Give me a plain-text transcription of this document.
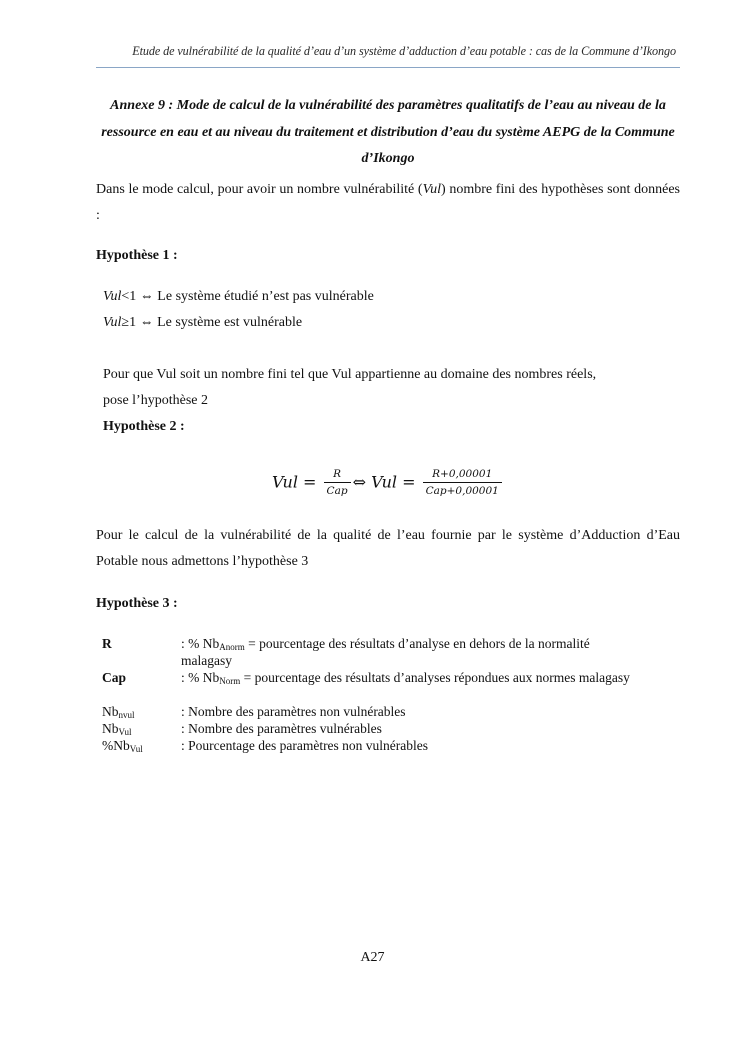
Etude de vulnérabilité de la qualité d’eau d’un système d’adduction d’eau potable : cas de la Commune d’Ikongo
Annexe 9 : Mode de calcul de la vulnérabilité des paramètres qualitatifs de l’eau au niveau de la ressource en eau et au niveau du traitement et distribution d’eau du système AEPG de la Commune d’Ikongo
Dans le mode calcul, pour avoir un nombre vulnérabilité (Vul) nombre fini des hypothèses sont données :
Hypothèse 1 :
Vul<1 ⇔ Le système étudié n’est pas vulnérable
Vul≥1 ⇔ Le système est vulnérable
Pour que Vul soit un nombre fini tel que Vul appartienne au domaine des nombres réels,
pose l’hypothèse 2
Hypothèse 2 :
Vul = $\frac{R}{\text{Cap}}$ ⇔ Vul = $\frac{R+0,00001}{\text{Cap+0,00001}}$
Pour le calcul de la vulnérabilité de la qualité de l’eau fournie par le système d’Adduction d’Eau Potable nous admettons l’hypothèse 3
Hypothèse 3 :
R	: % $Nb_{Anorm}$ = pourcentage des résultats d’analyse en dehors de la normalité malagasy
Cap	: % $Nb_{Norm}$ = pourcentage des résultats d’analyses répondues aux normes malagasy

$Nb_{nvul}$	: Nombre des paramètres non vulnérables
$Nb_{Vul}$	: Nombre des paramètres vulnérables
$\%Nb_{Vul}$	: Pourcentage des paramètres non vulnérables
A27
